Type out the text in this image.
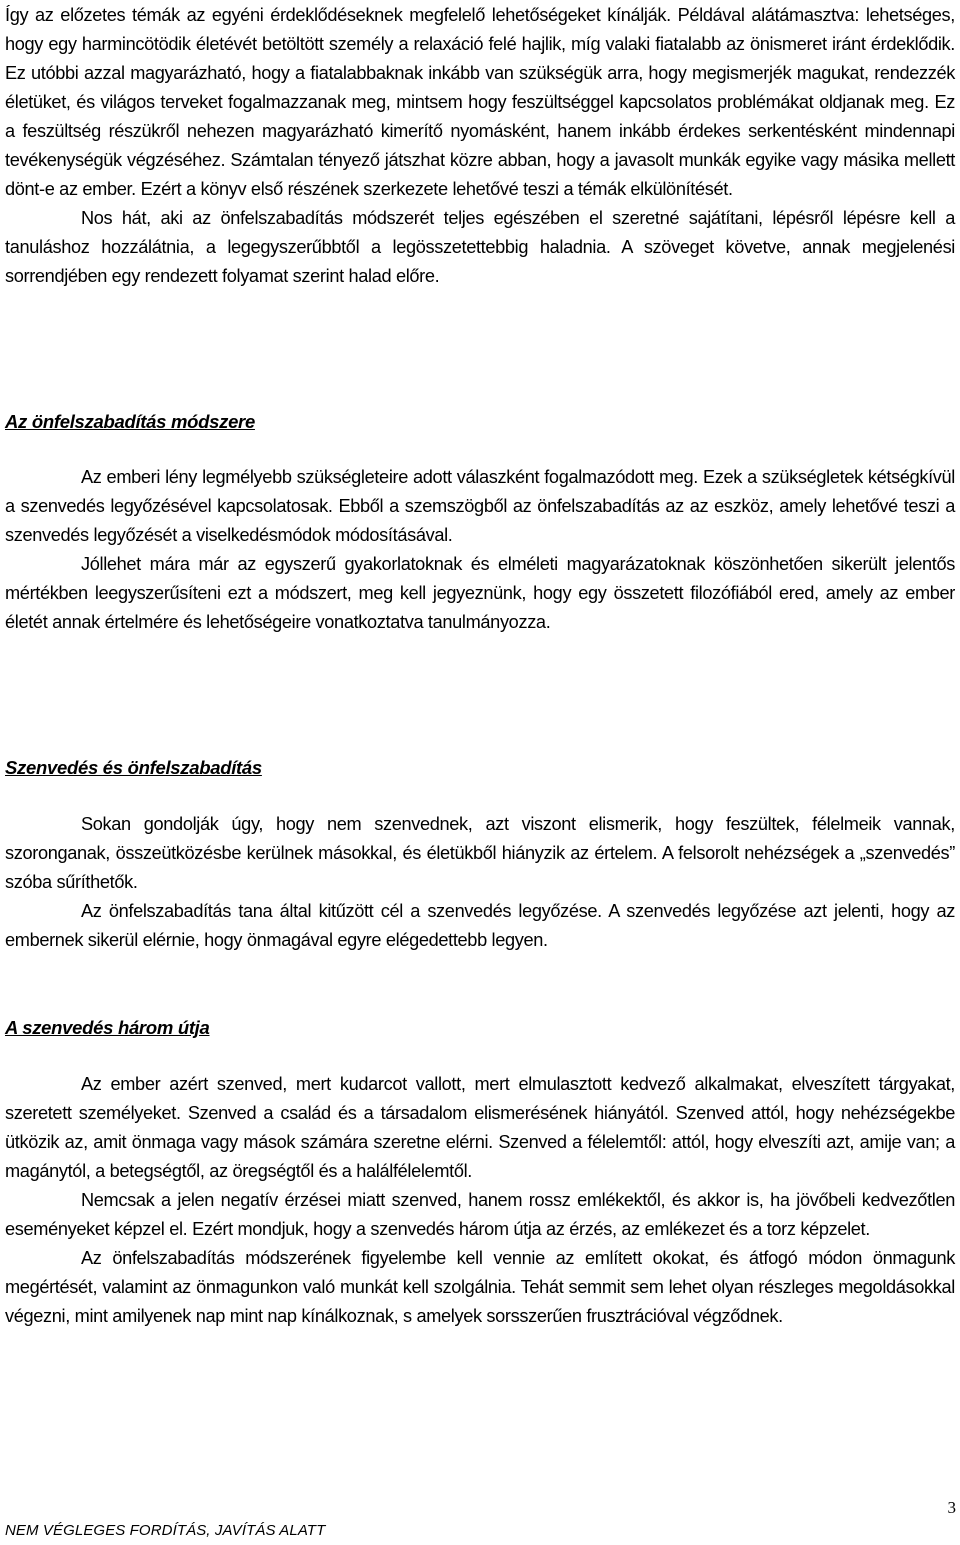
Így az előzetes témák az egyéni érdeklődéseknek megfelelő lehetőségeket kínálják. Példával alátámasztva: lehetséges, hogy egy harmincötödik életévét betöltött személy a relaxáció felé hajlik, míg valaki fiatalabb az önismeret iránt érdeklődik. Ez utóbbi azzal magyarázható, hogy a fiatalabbaknak inkább van szükségük arra, hogy megismerjék magukat, rendezzék életüket, és világos terveket fogalmazzanak meg, mintsem hogy feszültséggel kapcsolatos problémákat oldjanak meg. Ez a feszültség részükről nehezen magyarázható kimerítő nyomásként, hanem inkább érdekes serkentésként mindennapi tevékenységük végzéséhez. Számtalan tényező játszhat közre abban, hogy a javasolt munkák egyike vagy másika mellett dönt-e az ember. Ezért a könyv első részének szerkezete lehetővé teszi a témák elkülönítését.

Nos hát, aki az önfelszabadítás módszerét teljes egészében el szeretné sajátítani, lépésről lépésre kell a tanuláshoz hozzálátnia, a legegyszerűbbtől a legösszetettebbig haladnia. A szöveget követve, annak megjelenési sorrendjében egy rendezett folyamat szerint halad előre.

Az önfelszabadítás módszere

Az emberi lény legmélyebb szükségleteire adott válaszként fogalmazódott meg. Ezek a szükségletek kétségkívül a szenvedés legyőzésével kapcsolatosak. Ebből a szemszögből az önfelszabadítás az az eszköz, amely lehetővé teszi a szenvedés legyőzését a viselkedésmódok módosításával.

Jóllehet mára már az egyszerű gyakorlatoknak és elméleti magyarázatoknak köszönhetően sikerült jelentős mértékben leegyszerűsíteni ezt a módszert, meg kell jegyeznünk, hogy egy összetett filozófiából ered, amely az ember életét annak értelmére és lehetőségeire vonatkoztatva tanulmányozza.

Szenvedés és önfelszabadítás

Sokan gondolják úgy, hogy nem szenvednek, azt viszont elismerik, hogy feszültek, félelmeik vannak, szoronganak, összeütközésbe kerülnek másokkal, és életükből hiányzik az értelem. A felsorolt nehézségek a „szenvedés” szóba sűríthetők.

Az önfelszabadítás tana által kitűzött cél a szenvedés legyőzése. A szenvedés legyőzése azt jelenti, hogy az embernek sikerül elérnie, hogy önmagával egyre elégedettebb legyen.

A szenvedés három útja

Az ember azért szenved, mert kudarcot vallott, mert elmulasztott kedvező alkalmakat, elveszített tárgyakat, szeretett személyeket. Szenved a család és a társadalom elismerésének hiányától. Szenved attól, hogy nehézségekbe ütközik az, amit önmaga vagy mások számára szeretne elérni. Szenved a félelemtől: attól, hogy elveszíti azt, amije van; a magánytól, a betegségtől, az öregségtől és a halálfélelemtől.

Nemcsak a jelen negatív érzései miatt szenved, hanem rossz emlékektől, és akkor is, ha jövőbeli kedvezőtlen eseményeket képzel el. Ezért mondjuk, hogy a szenvedés három útja az érzés, az emlékezet és a torz képzelet.

Az önfelszabadítás módszerének figyelembe kell vennie az említett okokat, és átfogó módon önmagunk megértését, valamint az önmagunkon való munkát kell szolgálnia. Tehát semmit sem lehet olyan részleges megoldásokkal végezni, mint amilyenek nap mint nap kínálkoznak, s amelyek sorsszerűen frusztrációval végződnek.

3
NEM VÉGLEGES FORDÍTÁS, JAVÍTÁS ALATT
